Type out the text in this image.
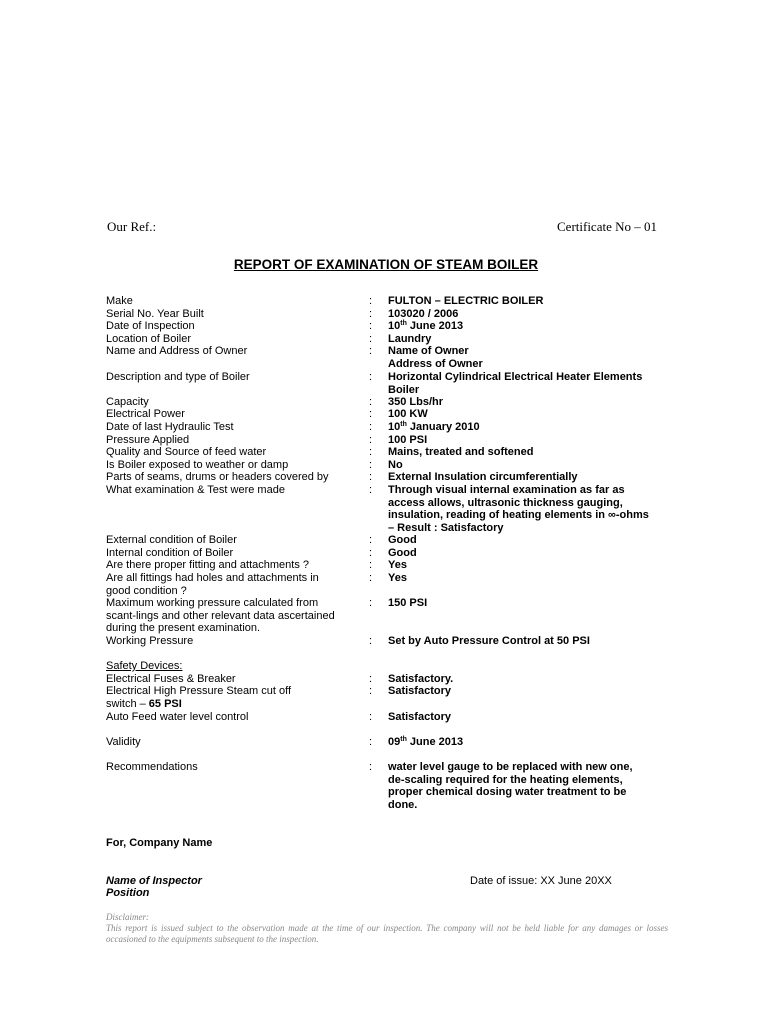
Our Ref.:	Certificate No – 01
REPORT OF EXAMINATION OF STEAM BOILER
Make	:	FULTON – ELECTRIC BOILER
Serial No. Year Built	:	103020 / 2006
Date of Inspection	:	10th June 2013
Location of Boiler	:	Laundry
Name and Address of Owner	:	Name of Owner
Address of Owner
Description and type of Boiler	:	Horizontal Cylindrical Electrical Heater Elements
Boiler
Capacity	:	350 Lbs/hr
Electrical Power	:	100 KW
Date of last Hydraulic Test	:	10th January 2010
Pressure Applied	:	100 PSI
Quality and Source of feed water	:	Mains, treated and softened
Is Boiler exposed to weather or damp	:	No
Parts of seams, drums or headers covered by	:	External Insulation circumferentially
What examination & Test were made	:	Through visual internal examination as far as
access allows, ultrasonic thickness gauging,
insulation, reading of heating elements in ∞-ohms
– Result : Satisfactory
External condition of Boiler	:	Good
Internal condition of Boiler	:	Good
Are there proper fitting and attachments ?	:	Yes
Are all fittings had holes and attachments in
good condition ?
:	Yes
Maximum working pressure calculated from
scant-lings and other relevant data ascertained
during the present examination.
:	150 PSI
Working Pressure	:	Set by Auto Pressure Control at 50 PSI
Safety Devices:
Electrical Fuses & Breaker	:	Satisfactory.
Electrical High Pressure Steam cut off
switch – 65 PSI
:	Satisfactory
Auto Feed water level control	:	Satisfactory
Validity	:	09th June 2013
Recommendations	:	water level gauge to be replaced with new one,
de-scaling required for the heating elements,
proper chemical dosing water treatment to be
done.
For, Company Name
Name of Inspector
Position
Date of issue: XX June 20XX
Disclaimer:
This report is issued subject to the observation made at the time of our inspection. The company will not be held liable for any damages or losses occasioned to the equipments subsequent to the inspection.
